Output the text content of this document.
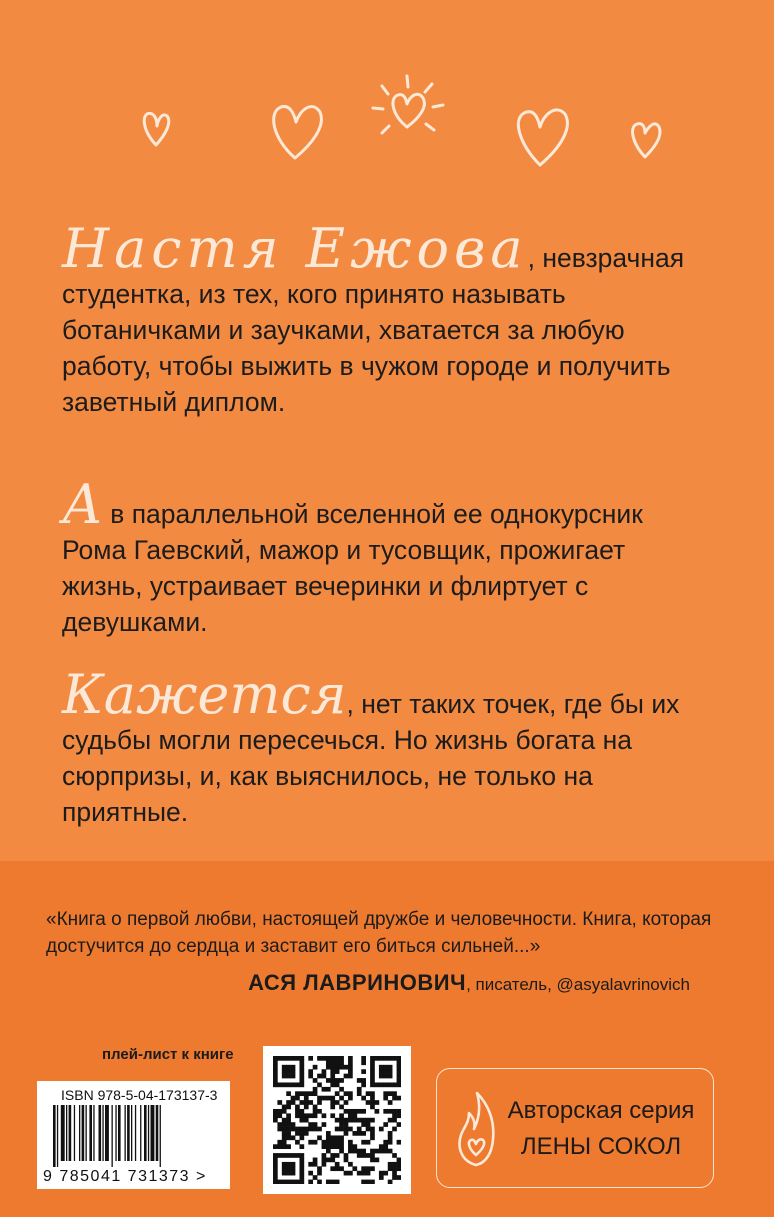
Настя Ежова, невзрачная студентка, из тех, кого принято называть ботаничками и заучками, хватается за любую работу, чтобы выжить в чужом городе и получить заветный диплом.
А в параллельной вселенной ее однокурсник Рома Гаевский, мажор и тусовщик, прожигает жизнь, устраивает вечеринки и флиртует с девушками.
Кажется, нет таких точек, где бы их судьбы могли пересечься. Но жизнь богата на сюрпризы, и, как выяснилось, не только на приятные.
«Книга о первой любви, настоящей дружбе и человечности. Книга, которая достучится до сердца и заставит его биться сильней...»
АСЯ ЛАВРИНОВИЧ, писатель, @asyalavrinovich
плей-лист к книге
ISBN 978-5-04-173137-3
9 785041 731373 >
Авторская серия
ЛЕНЫ СОКОЛ
